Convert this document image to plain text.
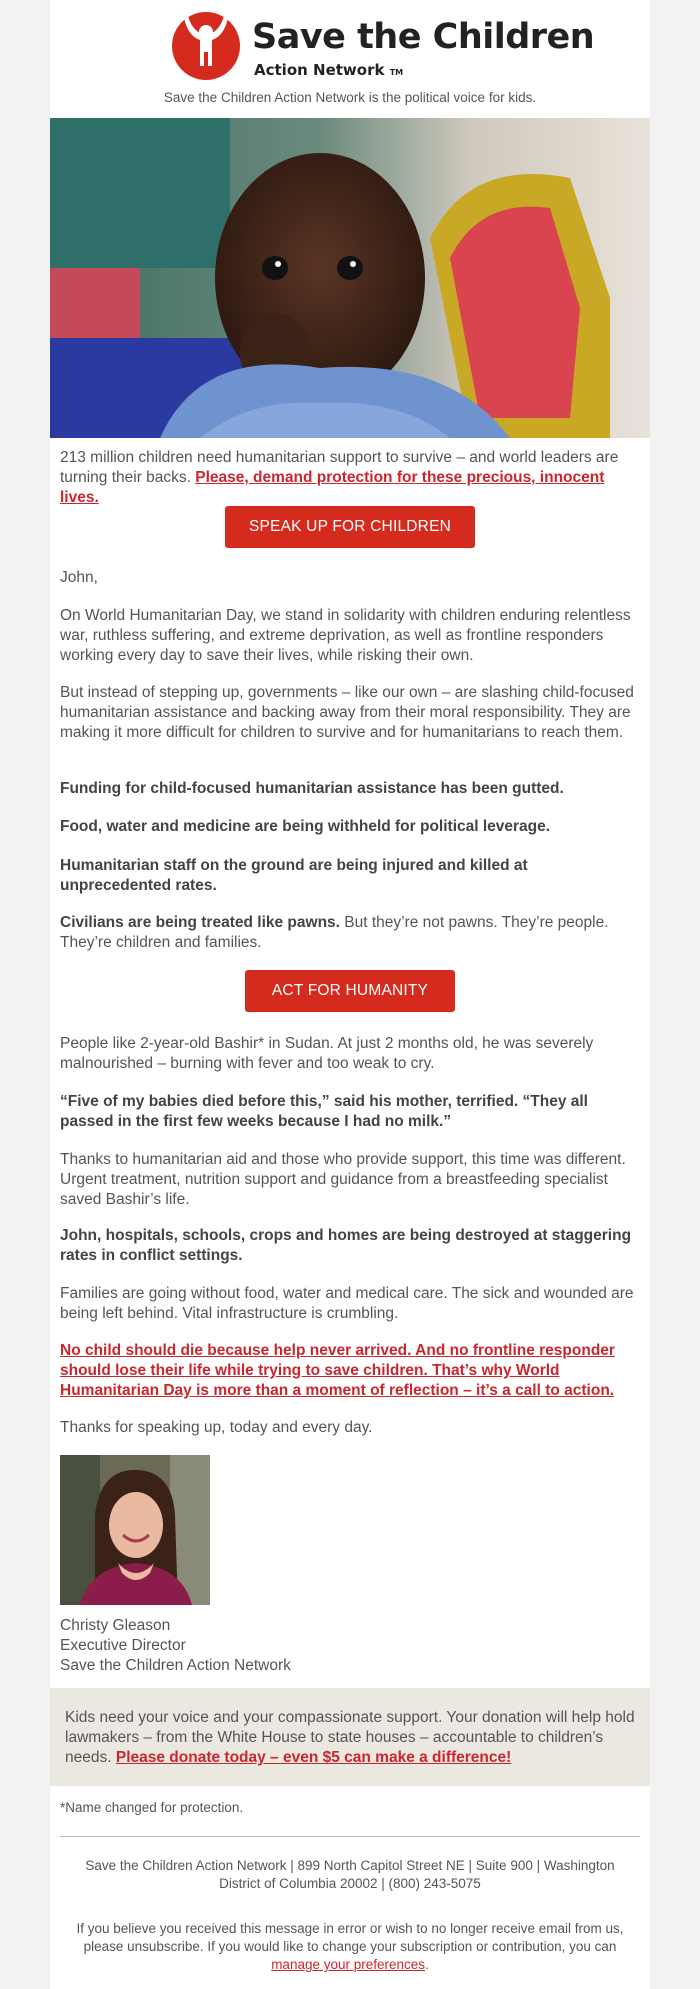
Save the Children
Action Network TM
Save the Children Action Network is the political voice for kids.

213 million children need humanitarian support to survive – and world leaders are turning their backs. Please, demand protection for these precious, innocent lives.

SPEAK UP FOR CHILDREN
John,
On World Humanitarian Day, we stand in solidarity with children enduring relentless war, ruthless suffering, and extreme deprivation, as well as frontline responders working every day to save their lives, while risking their own.
But instead of stepping up, governments – like our own – are slashing child-focused humanitarian assistance and backing away from their moral responsibility. They are making it more difficult for children to survive and for humanitarians to reach them.
Funding for child-focused humanitarian assistance has been gutted.
Food, water and medicine are being withheld for political leverage.
Humanitarian staff on the ground are being injured and killed at unprecedented rates.

Civilians are being treated like pawns. But they’re not pawns. They’re people. They’re children and families.

ACT FOR HUMANITY
People like 2-year-old Bashir* in Sudan. At just 2 months old, he was severely malnourished – burning with fever and too weak to cry.
“Five of my babies died before this,” said his mother, terrified. “They all passed in the first few weeks because I had no milk.”
Thanks to humanitarian aid and those who provide support, this time was different. Urgent treatment, nutrition support and guidance from a breastfeeding specialist saved Bashir’s life.
John, hospitals, schools, crops and homes are being destroyed at staggering rates in conflict settings.
Families are going without food, water and medical care. The sick and wounded are being left behind. Vital infrastructure is crumbling.
No child should die because help never arrived. And no frontline responder should lose their life while trying to save children. That’s why World Humanitarian Day is more than a moment of reflection – it’s a call to action.
Thanks for speaking up, today and every day.
Christy Gleason
Executive Director
Save the Children Action Network

Kids need your voice and your compassionate support. Your donation will help hold lawmakers – from the White House to state houses – accountable to children’s needs. Please donate today – even $5 can make a difference!

*Name changed for protection.
Save the Children Action Network | 899 North Capitol Street NE | Suite 900 | Washington District of Columbia 20002 | (800) 243-5075
If you believe you received this message in error or wish to no longer receive email from us, please unsubscribe. If you would like to change your subscription or contribution, you can manage your preferences.
